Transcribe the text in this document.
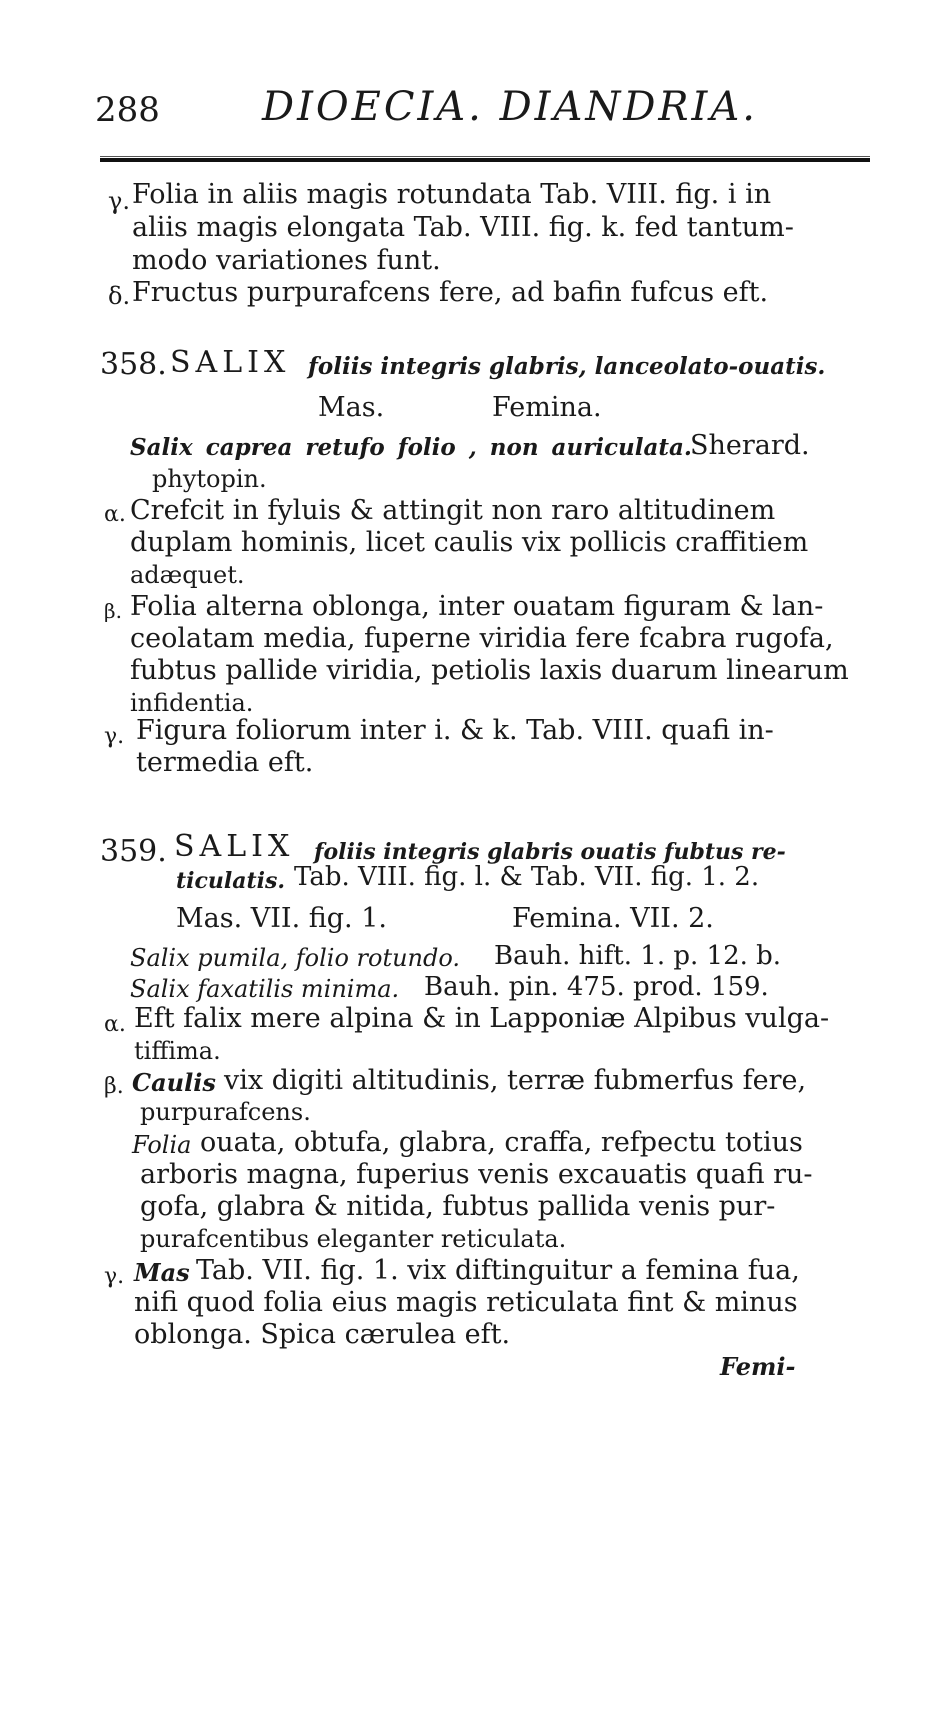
288	DIOECIA. DIANDRIA.
γ. Folia in aliis magis rotundata Tab. VIII. fig. i in
aliis magis elongata Tab. VIII. fig. k. fed tantum-
modo variationes funt.
δ. Fructus purpurafcens fere, ad bafin fufcus eft.
358. SALIX foliis integris glabris, lanceolato-ouatis.
Mas.	Femina.
Salix caprea retufo folio , non auriculata.
Sherard.
phytopin.
α. Crefcit in fyluis & attingit non raro altitudinem
duplam hominis, licet caulis vix pollicis craffitiem
adæquet.
β. Folia alterna oblonga, inter ouatam figuram & lan-
ceolatam media, fuperne viridia fere fcabra rugofa,
fubtus pallide viridia, petiolis laxis duarum linearum
infidentia.
γ. Figura foliorum inter i. & k. Tab. VIII. quafi in-
termedia eft.
359. SALIX foliis integris glabris ouatis fubtus re-
ticulatis. Tab. VIII. fig. l. & Tab. VII. fig. 1. 2.
Mas. VII. fig. 1.	Femina. VII. 2.
Salix pumila, folio rotundo. Bauh. hift. 1. p. 12. b.
Salix faxatilis minima. Bauh. pin. 475. prod. 159.
α. Eft falix mere alpina & in Lapponiæ Alpibus vulga-
tiffima.
β. Caulis vix digiti altitudinis, terræ fubmerfus fere,
purpurafcens.
Folia ouata, obtufa, glabra, craffa, refpectu totius
arboris magna, fuperius venis excauatis quafi ru-
gofa, glabra & nitida, fubtus pallida venis pur-
purafcentibus eleganter reticulata.
γ. Mas Tab. VII. fig. 1. vix diftinguitur a femina fua,
nifi quod folia eius magis reticulata fint & minus
oblonga. Spica cærulea eft.
Femi-
